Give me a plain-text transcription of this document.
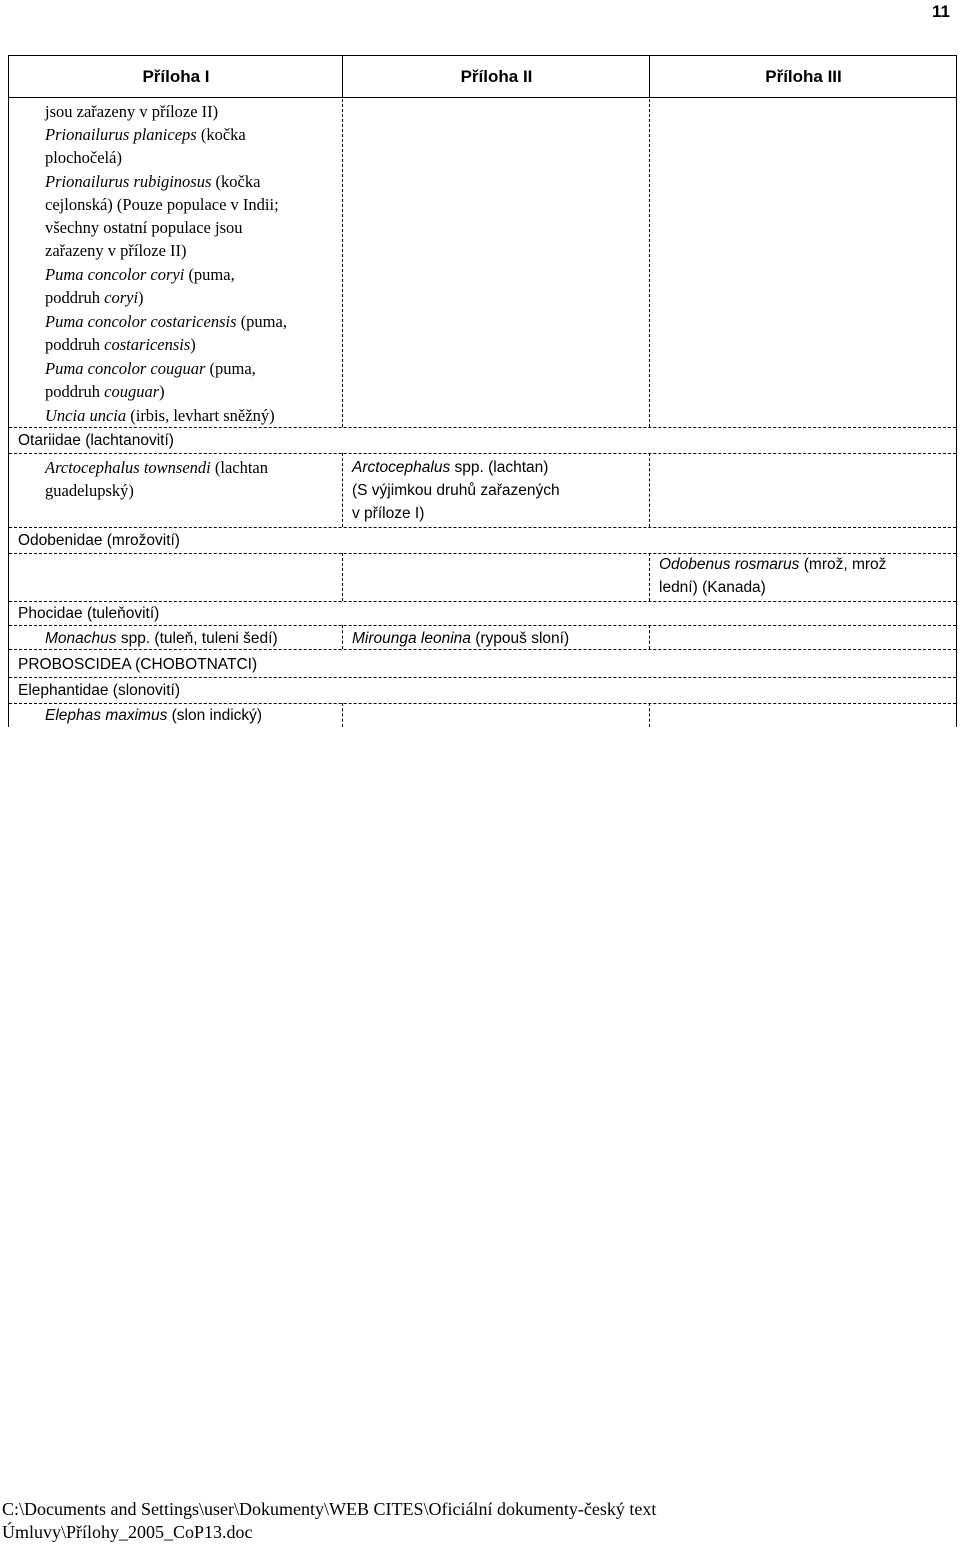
11
Příloha I	Příloha II	Příloha III
jsou zařazeny v příloze II)
Prionailurus planiceps (kočka
plochočelá)
Prionailurus rubiginosus (kočka
cejlonská) (Pouze populace v Indii;
všechny ostatní populace jsou
zařazeny v příloze II)
Puma concolor coryi (puma,
poddruh coryi)
Puma concolor costaricensis (puma,
poddruh costaricensis)
Puma concolor couguar (puma,
poddruh couguar)
Uncia uncia (irbis, levhart sněžný)
Otariidae (lachtanovití)
Arctocephalus townsendi (lachtan
guadelupský)
Odobenidae (mrožovití)
Phocidae (tuleňovití)
Monachus spp. (tuleň, tuleni šedí)
PROBOSCIDEA (CHOBOTNATCI)
Elephantidae (slonovití)
Elephas maximus (slon indický)
Arctocephalus spp. (lachtan)
(S výjimkou druhů zařazených
v příloze I)
Mirounga leonina (rypouš sloní)
Odobenus rosmarus (mrož, mrož
lední) (Kanada)
C:\Documents and Settings\user\Dokumenty\WEB CITES\Oficiální dokumenty-český text
Úmluvy\Přílohy_2005_CoP13.doc
